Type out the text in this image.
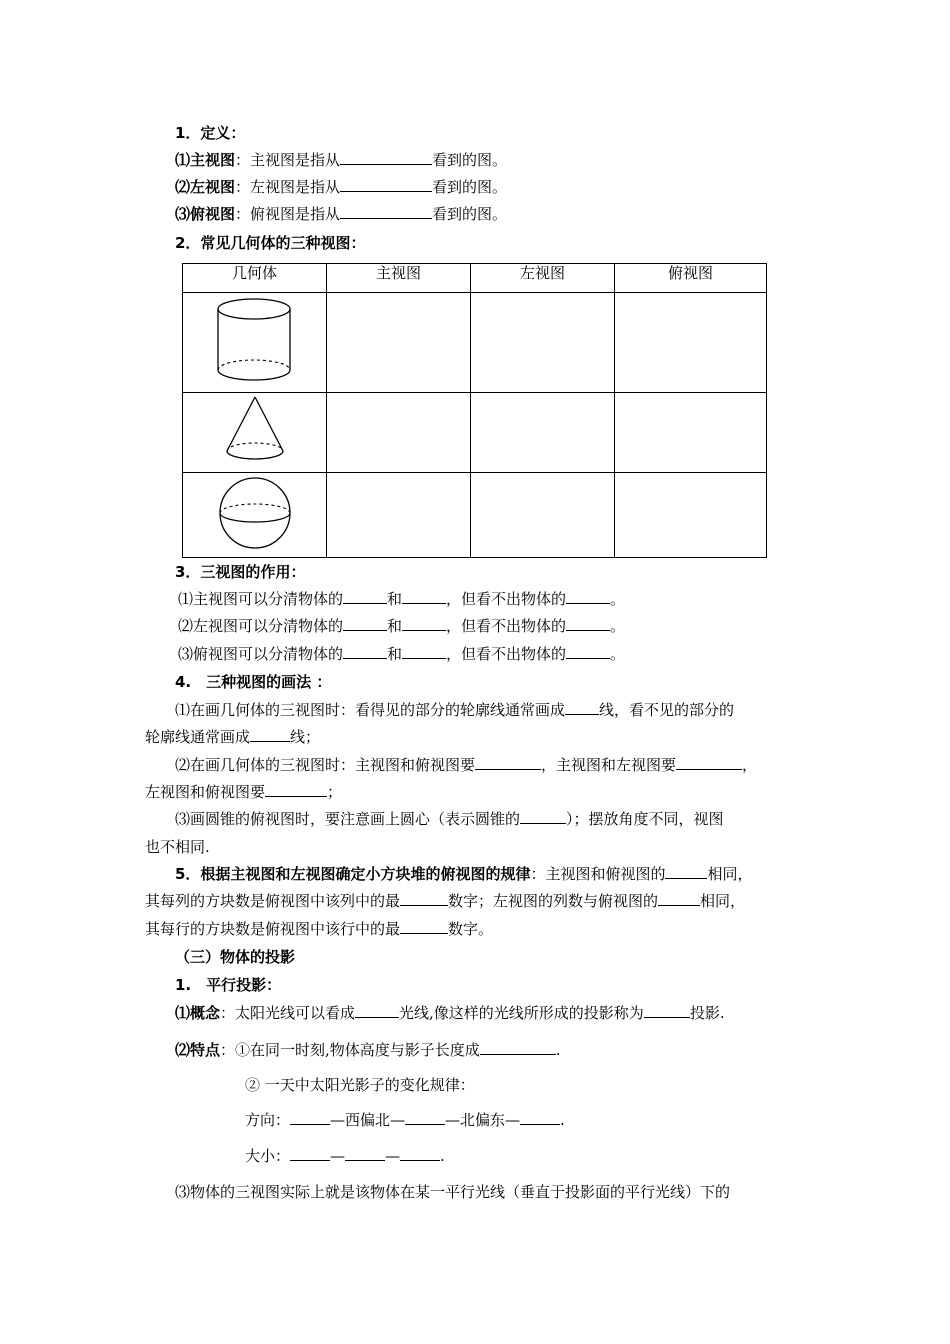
1．定义：
⑴主视图：主视图是指从	看到的图。
⑵左视图：左视图是指从	看到的图。
⑶俯视图：俯视图是指从	看到的图。
2．常见几何体的三种视图：
几何体	主视图	左视图	俯视图

3．三视图的作用：
⑴主视图可以分清物体的	和	，但看不出物体的	。
⑵左视图可以分清物体的	和	，但看不出物体的	。
⑶俯视图可以分清物体的	和	，但看不出物体的	。
4.　三种视图的画法 ：
⑴在画几何体的三视图时：看得见的部分的轮廓线通常画成 线，看不见的部分的
轮廓线通常画成	线；
⑵在画几何体的三视图时：主视图和俯视图要	，主视图和左视图要	，
左视图和俯视图要	；
⑶画圆锥的俯视图时，要注意画上圆心（表示圆锥的	）；摆放角度不同，视图
也不相同.
5．根据主视图和左视图确定小方块堆的俯视图的规律：主视图和俯视图的	相同，
其每列的方块数是俯视图中该列中的最	数字；左视图的列数与俯视图的	相同，
其每行的方块数是俯视图中该行中的最	数字。
（三）物体的投影
1.　平行投影：
⑴概念：太阳光线可以看成	光线,像这样的光线所形成的投影称为	投影.
⑵特点：①在同一时刻,物体高度与影子长度成	.
② 一天中太阳光影子的变化规律：
方向：	—西偏北—	—北偏东—	.
大小：	—	—	.
⑶物体的三视图实际上就是该物体在某一平行光线（垂直于投影面的平行光线）下的
